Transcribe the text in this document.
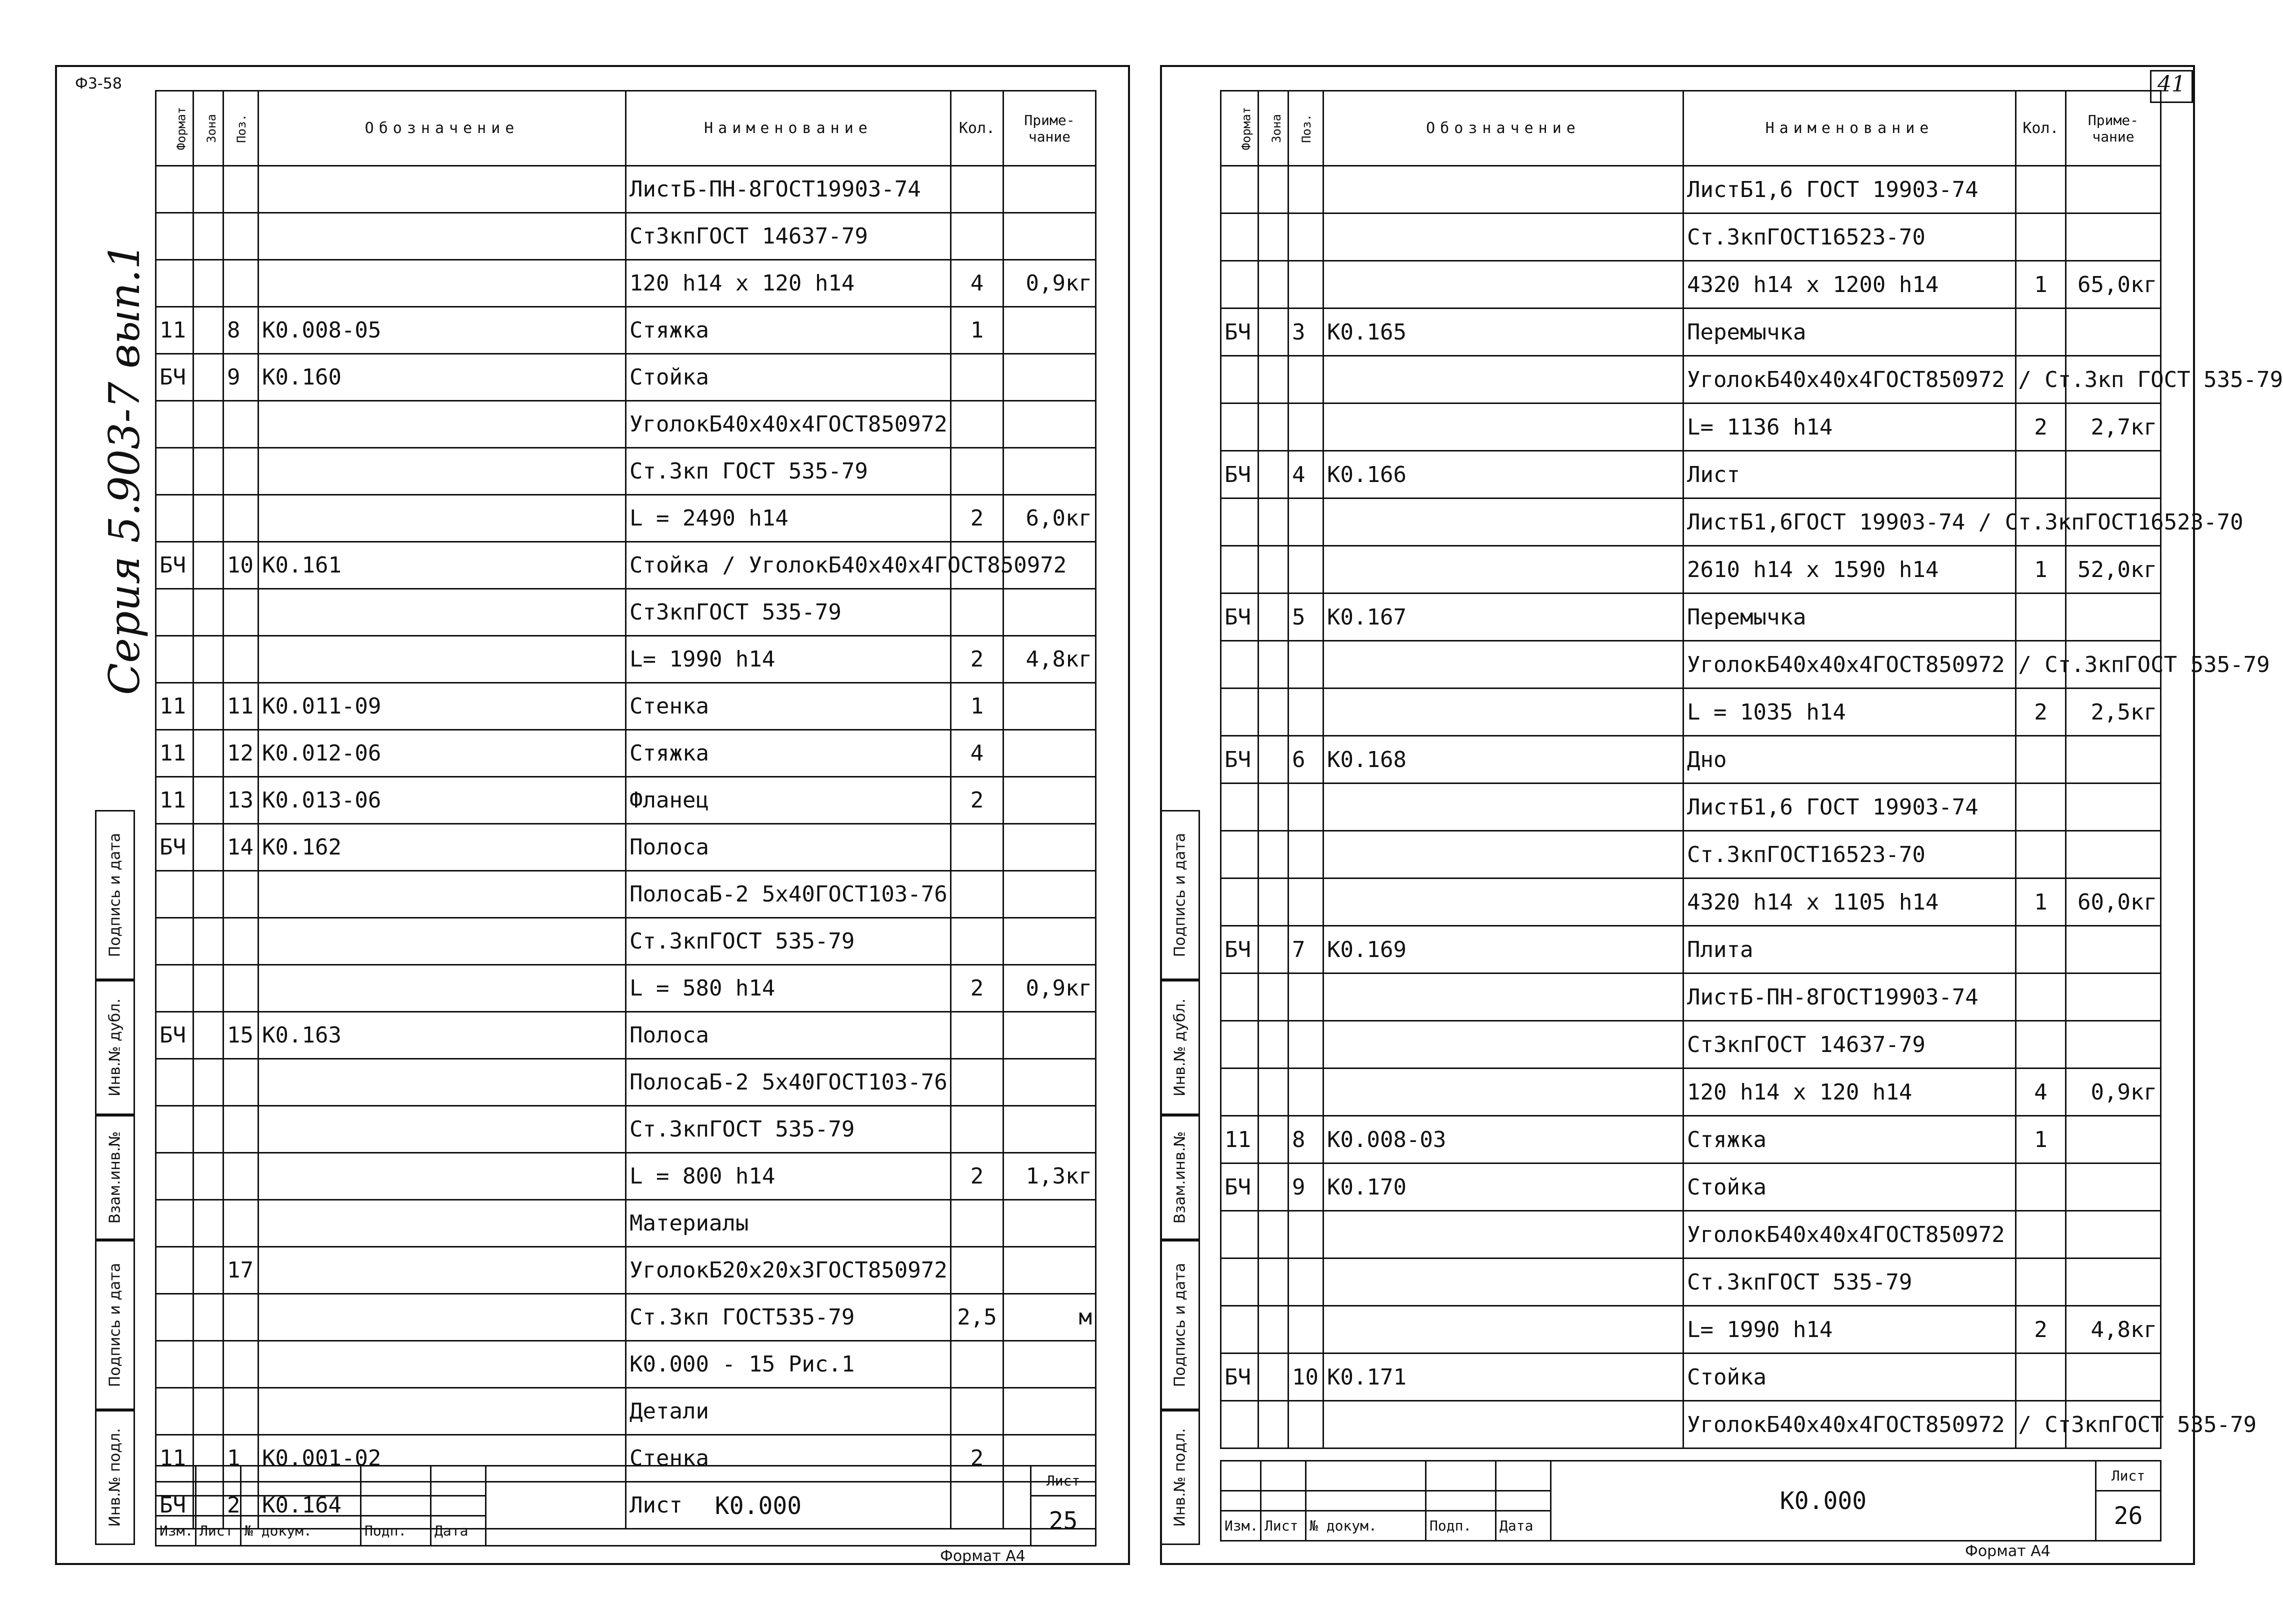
Ф3-58
Серия 5.903-7 вып.1
41
Подпись и дата
Инв.№ дубл.
Взам.инв.№
Подпись и дата
Инв.№ подл.
Формат	Зона	Поз.	Обозначение	Наименование	Кол.	Приме-чание
				ЛистБ-ПН-8ГОСТ19903-74		
				Ст3кпГОСТ 14637-79		
				120 h14 x 120 h14	4	0,9кг
11		8	К0.008-05	Стяжка	1	
БЧ		9	К0.160	Стойка		
				УголокБ40х40х4ГОСТ850972		
				Ст.3кп ГОСТ 535-79		
				L = 2490 h14	2	6,0кг
БЧ		10	К0.161	Стойка / УголокБ40х40х4ГОСТ850972		
				Ст3кпГОСТ 535-79		
				L= 1990 h14	2	4,8кг
11		11	К0.011-09	Стенка	1	
11		12	К0.012-06	Стяжка	4	
11		13	К0.013-06	Фланец	2	
БЧ		14	К0.162	Полоса		
				ПолосаБ-2 5х40ГОСТ103-76		
				Ст.3кпГОСТ 535-79		
				L = 580 h14	2	0,9кг
БЧ		15	К0.163	Полоса		
				ПолосаБ-2 5х40ГОСТ103-76		
				Ст.3кпГОСТ 535-79		
				L = 800 h14	2	1,3кг
				Материалы		
		17		УголокБ20х20х3ГОСТ850972		
				Ст.3кп ГОСТ535-79	2,5	м
				К0.000 - 15 Рис.1		
				Детали		
11		1	К0.001-02	Стенка	2	
БЧ		2	К0.164	Лист		
					К0.000	Лист
						25
Изм.	Лист	№ докум.	Подп.	Дата		
Формат А4
Подпись и дата
Инв.№ дубл.
Взам.инв.№
Подпись и дата
Инв.№ подл.
Формат	Зона	Поз.	Обозначение	Наименование	Кол.	Приме-чание
				ЛистБ1,6 ГОСТ 19903-74		
				Ст.3кпГОСТ16523-70		
				4320 h14 x 1200 h14	1	65,0кг
БЧ		3	К0.165	Перемычка		
				УголокБ40х40х4ГОСТ850972 / Ст.3кп ГОСТ 535-79		
				L= 1136 h14	2	2,7кг
БЧ		4	К0.166	Лист		
				ЛистБ1,6ГОСТ 19903-74 / Ст.3кпГОСТ16523-70		
				2610 h14 x 1590 h14	1	52,0кг
БЧ		5	К0.167	Перемычка		
				УголокБ40х40х4ГОСТ850972 / Ст.3кпГОСТ 535-79		
				L = 1035 h14	2	2,5кг
БЧ		6	К0.168	Дно		
				ЛистБ1,6 ГОСТ 19903-74		
				Ст.3кпГОСТ16523-70		
				4320 h14 x 1105 h14	1	60,0кг
БЧ		7	К0.169	Плита		
				ЛистБ-ПН-8ГОСТ19903-74		
				Ст3кпГОСТ 14637-79		
				120 h14 x 120 h14	4	0,9кг
11		8	К0.008-03	Стяжка	1	
БЧ		9	К0.170	Стойка		
				УголокБ40х40х4ГОСТ850972		
				Ст.3кпГОСТ 535-79		
				L= 1990 h14	2	4,8кг
БЧ		10	К0.171	Стойка		
				УголокБ40х40х4ГОСТ850972 / Ст3кпГОСТ 535-79		
					К0.000	Лист
						26
Изм.	Лист	№ докум.	Подп.	Дата		
Формат А4
